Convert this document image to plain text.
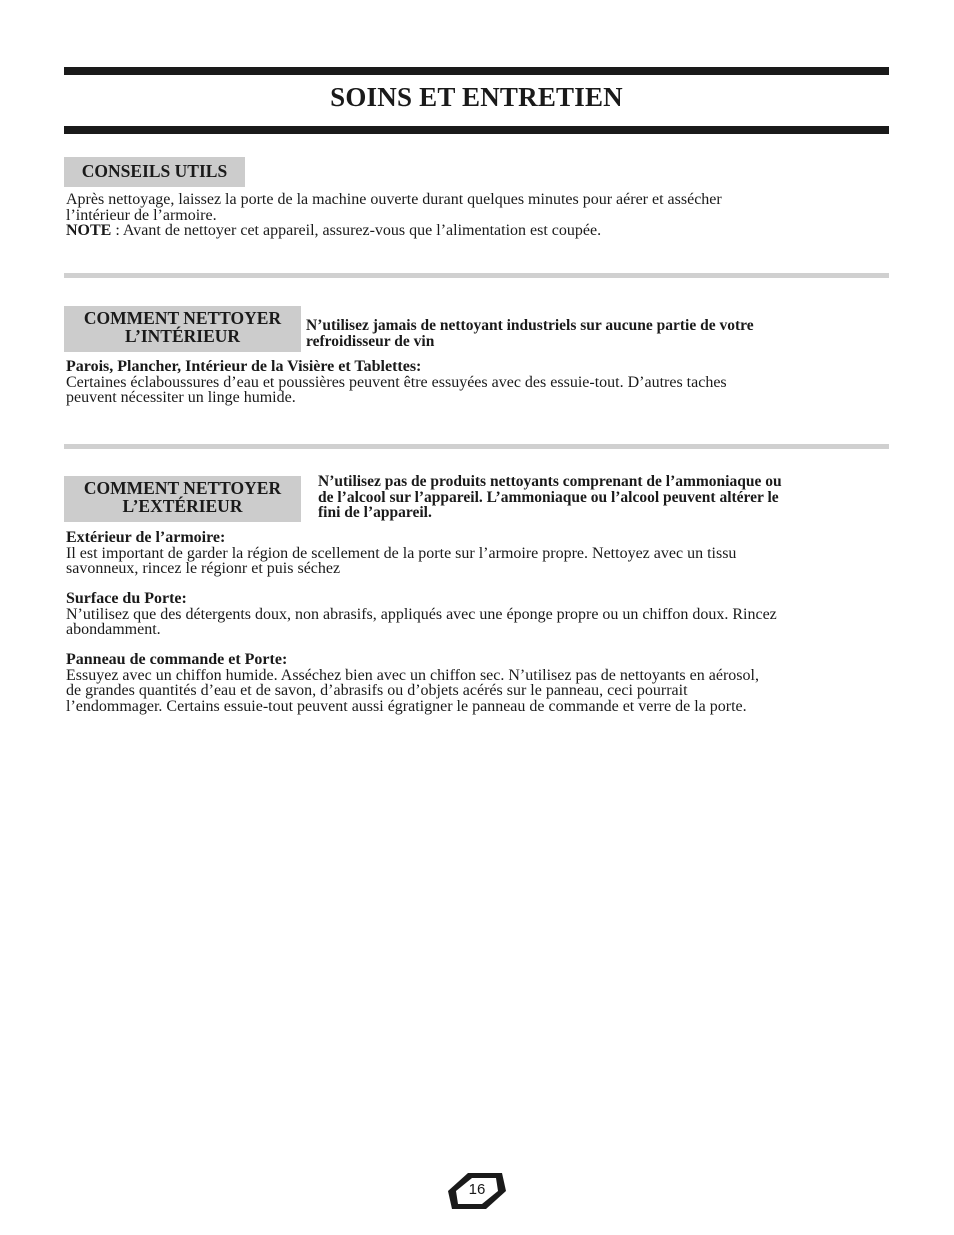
SOINS ET ENTRETIEN
CONSEILS UTILS
Après nettoyage, laissez la porte de la machine ouverte durant quelques minutes pour aérer et assécher
l’intérieur de l’armoire.
NOTE : Avant de nettoyer cet appareil, assurez-vous que l’alimentation est coupée.
COMMENT NETTOYER
L’INTÉRIEUR
N’utilisez jamais de nettoyant industriels sur aucune partie de votre
refroidisseur de vin
Parois, Plancher, Intérieur de la Visière et Tablettes:
Certaines éclaboussures d’eau et poussières peuvent être essuyées avec des essuie-tout. D’autres taches
peuvent nécessiter un linge humide.
COMMENT NETTOYER
L’EXTÉRIEUR
N’utilisez pas de produits nettoyants comprenant de l’ammoniaque ou
de l’alcool sur l’appareil. L’ammoniaque ou l’alcool peuvent altérer le
fini de l’appareil.
Extérieur de l’armoire:
Il est important de garder la région de scellement de la porte sur l’armoire propre. Nettoyez avec un tissu
savonneux, rincez le régionr et puis séchez
Surface du Porte:
N’utilisez que des détergents doux, non abrasifs, appliqués avec une éponge propre ou un chiffon doux. Rincez
abondamment.
Panneau de commande et Porte:
Essuyez avec un chiffon humide. Asséchez bien avec un chiffon sec. N’utilisez pas de nettoyants en aérosol,
de grandes quantités d’eau et de savon, d’abrasifs ou d’objets acérés sur le panneau, ceci pourrait
l’endommager. Certains essuie-tout peuvent aussi égratigner le panneau de commande et verre de la porte.
16
